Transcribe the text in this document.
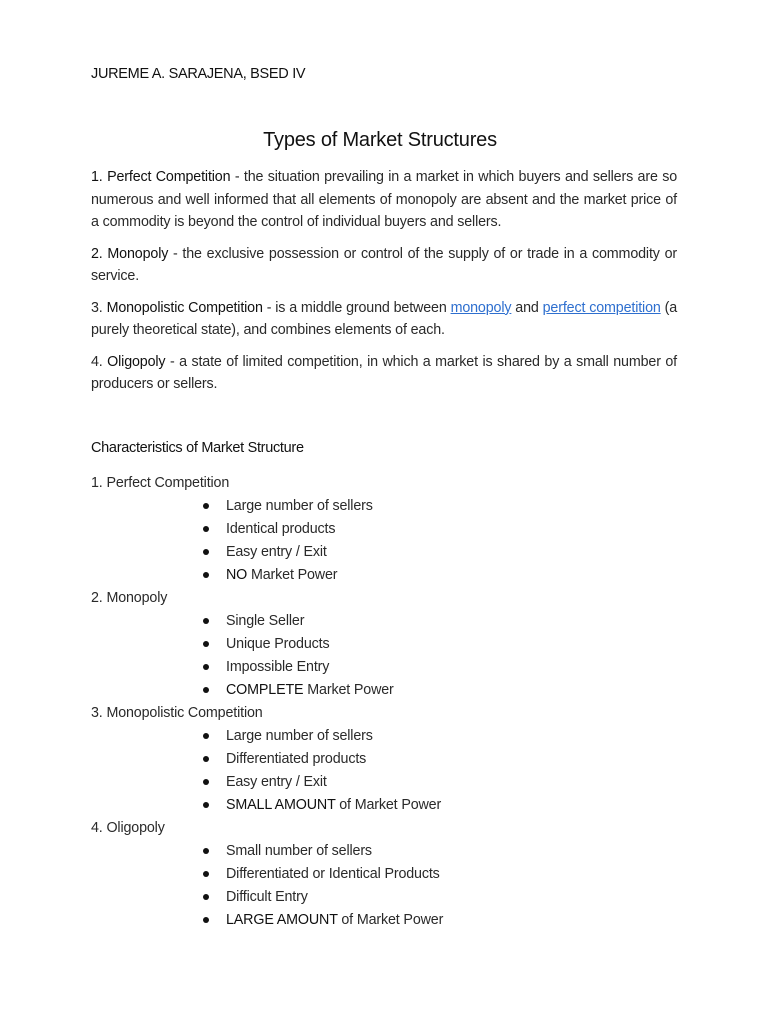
JUREME A. SARAJENA, BSED IV
Types of Market Structures

1. Perfect Competition - the situation prevailing in a market in which buyers and sellers are so numerous and well informed that all elements of monopoly are absent and the market price of a commodity is beyond the control of individual buyers and sellers.

2. Monopoly - the exclusive possession or control of the supply of or trade in a commodity or service.

3. Monopolistic Competition - is a middle ground between monopoly and perfect competition (a purely theoretical state), and combines elements of each.

4. Oligopoly - a state of limited competition, in which a market is shared by a small number of producers or sellers.

Characteristics of Market Structure
1. Perfect Competition
Large number of sellers
Identical products
Easy entry / Exit
NO Market Power
2. Monopoly
Single Seller
Unique Products
Impossible Entry
COMPLETE Market Power
3. Monopolistic Competition
Large number of sellers
Differentiated products
Easy entry / Exit
SMALL AMOUNT of Market Power
4. Oligopoly
Small number of sellers
Differentiated or Identical Products
Difficult Entry
LARGE AMOUNT of Market Power
